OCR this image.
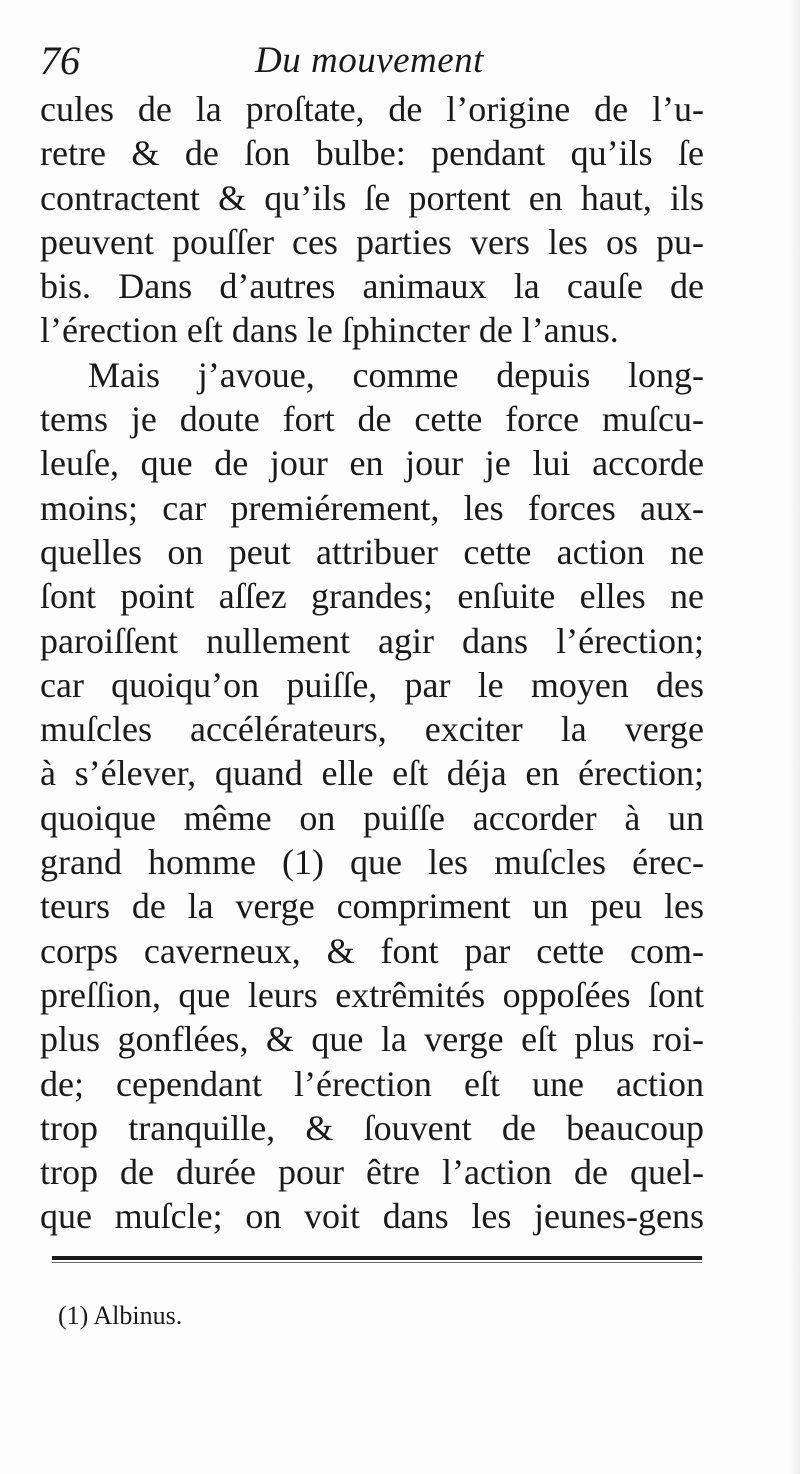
76	Du mouvement
cules de la proſtate, de l’origine de l’u-
retre & de ſon bulbe: pendant qu’ils ſe
contractent & qu’ils ſe portent en haut, ils
peuvent pouſſer ces parties vers les os pu-
bis. Dans d’autres animaux la cauſe de
l’érection eſt dans le ſphincter de l’anus.
Mais j’avoue, comme depuis long-
tems je doute fort de cette force muſcu-
leuſe, que de jour en jour je lui accorde
moins; car premiérement, les forces aux-
quelles on peut attribuer cette action ne
ſont point aſſez grandes; enſuite elles ne
paroiſſent nullement agir dans l’érection;
car quoiqu’on puiſſe, par le moyen des
muſcles accélérateurs, exciter la verge
à s’élever, quand elle eſt déja en érection;
quoique même on puiſſe accorder à un
grand homme (1) que les muſcles érec-
teurs de la verge compriment un peu les
corps caverneux, & font par cette com-
preſſion, que leurs extrêmités oppoſées ſont
plus gonflées, & que la verge eſt plus roi-
de; cependant l’érection eſt une action
trop tranquille, & ſouvent de beaucoup
trop de durée pour être l’action de quel-
que muſcle; on voit dans les jeunes-gens
(1) Albinus.
